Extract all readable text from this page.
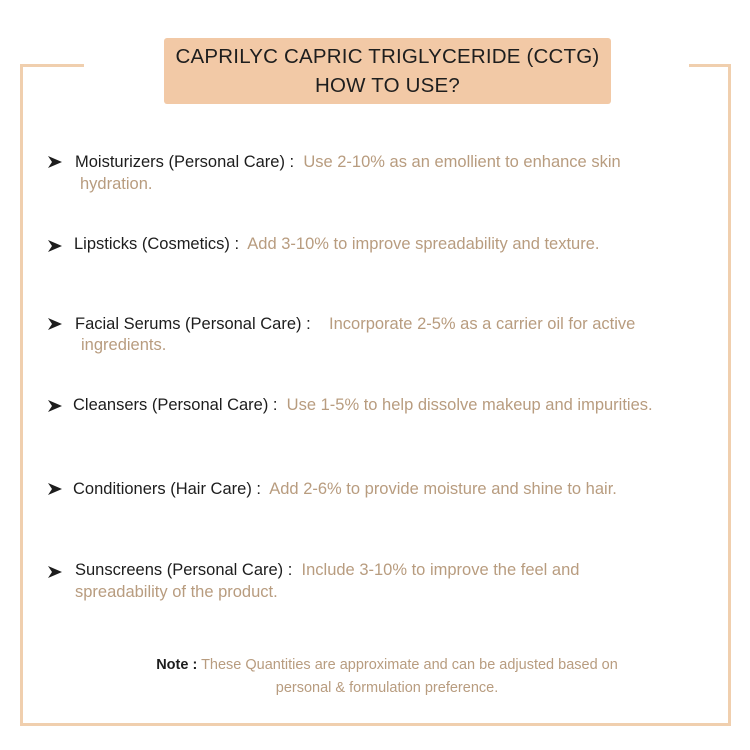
CAPRILYC CAPRIC TRIGLYCERIDE (CCTG)
HOW TO USE?
Moisturizers (Personal Care) : Use 2-10% as an emollient to enhance skin
hydration.
Lipsticks (Cosmetics) : Add 3-10% to improve spreadability and texture.
Facial Serums (Personal Care) : Incorporate 2-5% as a carrier oil for active
ingredients.
Cleansers (Personal Care) : Use 1-5% to help dissolve makeup and impurities.
Conditioners (Hair Care) : Add 2-6% to provide moisture and shine to hair.
Sunscreens (Personal Care) : Include 3-10% to improve the feel and
spreadability of the product.
Note : These Quantities are approximate and can be adjusted based on
personal & formulation preference.
